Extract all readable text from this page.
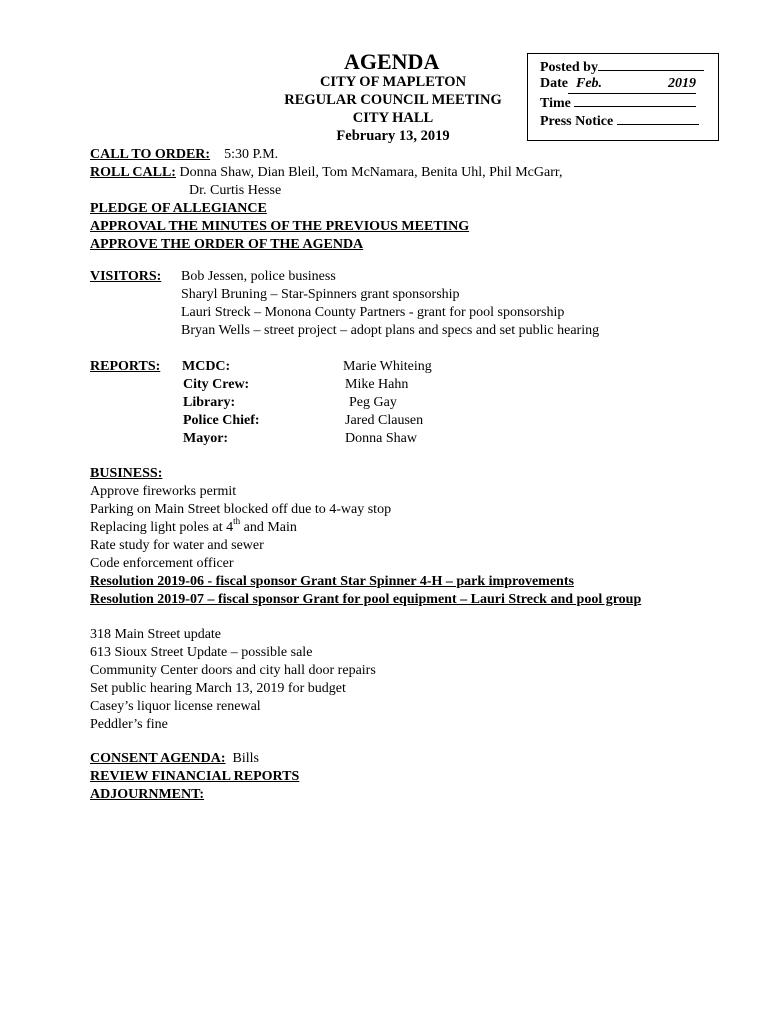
AGENDA
CITY OF MAPLETON
REGULAR COUNCIL MEETING
CITY HALL
February 13, 2019
Posted by
Date Feb.	2019
Time
Press Notice
CALL TO ORDER: 5:30 P.M.
ROLL CALL: Donna Shaw, Dian Bleil, Tom McNamara, Benita Uhl, Phil McGarr,
Dr. Curtis Hesse
PLEDGE OF ALLEGIANCE
APPROVAL THE MINUTES OF THE PREVIOUS MEETING
APPROVE THE ORDER OF THE AGENDA
VISITORS: Bob Jessen, police business
Sharyl Bruning – Star-Spinners grant sponsorship
Lauri Streck – Monona County Partners - grant for pool sponsorship
Bryan Wells – street project – adopt plans and specs and set public hearing
REPORTS: MCDC:	Marie Whiteing
City Crew:	Mike Hahn
Library:	Peg Gay
Police Chief:	Jared Clausen
Mayor:	Donna Shaw
BUSINESS:
Approve fireworks permit
Parking on Main Street blocked off due to 4-way stop
Replacing light poles at 4th and Main
Rate study for water and sewer
Code enforcement officer
Resolution 2019-06 - fiscal sponsor Grant Star Spinner 4-H – park improvements
Resolution 2019-07 – fiscal sponsor Grant for pool equipment – Lauri Streck and pool group
318 Main Street update
613 Sioux Street Update – possible sale
Community Center doors and city hall door repairs
Set public hearing March 13, 2019 for budget
Casey’s liquor license renewal
Peddler’s fine
CONSENT AGENDA: Bills
REVIEW FINANCIAL REPORTS
ADJOURNMENT:
